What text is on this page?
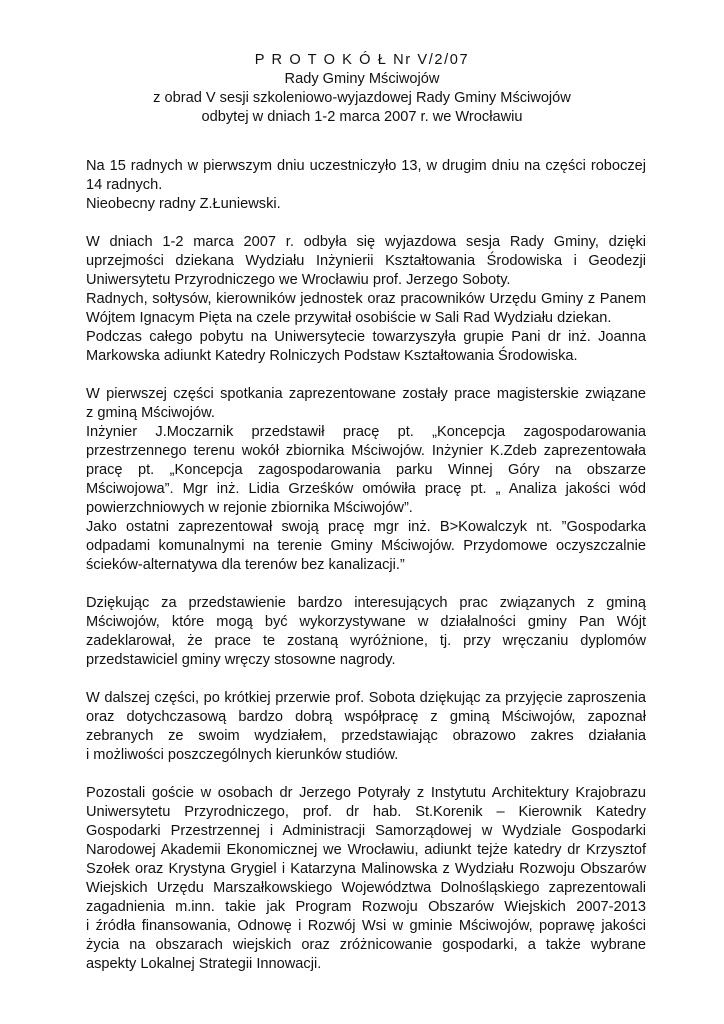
P R O T O K Ó Ł Nr V/2/07
Rady Gminy Mściwojów
z obrad V sesji szkoleniowo-wyjazdowej Rady Gminy Mściwojów
odbytej w dniach 1-2 marca 2007 r. we Wrocławiu
Na 15 radnych w pierwszym dniu uczestniczyło 13, w drugim dniu na części roboczej
14 radnych.
Nieobecny radny Z.Łuniewski.
W dniach 1-2 marca 2007 r. odbyła się wyjazdowa sesja Rady Gminy, dzięki
uprzejmości dziekana Wydziału Inżynierii Kształtowania Środowiska i Geodezji
Uniwersytetu Przyrodniczego we Wrocławiu prof. Jerzego Soboty.
Radnych, sołtysów, kierowników jednostek oraz pracowników Urzędu Gminy z Panem
Wójtem Ignacym Pięta na czele przywitał osobiście w Sali Rad Wydziału dziekan.
Podczas całego pobytu na Uniwersytecie towarzyszyła grupie Pani dr inż. Joanna
Markowska adiunkt Katedry Rolniczych Podstaw Kształtowania Środowiska.
W pierwszej części spotkania zaprezentowane zostały prace magisterskie związane
z gminą Mściwojów.
Inżynier J.Moczarnik przedstawił pracę pt. „Koncepcja zagospodarowania
przestrzennego terenu wokół zbiornika Mściwojów. Inżynier K.Zdeb zaprezentowała
pracę pt. „Koncepcja zagospodarowania parku Winnej Góry na obszarze
Mściwojowa”. Mgr inż. Lidia Grześków omówiła pracę pt. „ Analiza jakości wód
powierzchniowych w rejonie zbiornika Mściwojów”.
Jako ostatni zaprezentował swoją pracę mgr inż. B>Kowalczyk nt. ”Gospodarka
odpadami komunalnymi na terenie Gminy Mściwojów. Przydomowe oczyszczalnie
ścieków-alternatywa dla terenów bez kanalizacji.”
Dziękując za przedstawienie bardzo interesujących prac związanych z gminą
Mściwojów, które mogą być wykorzystywane w działalności gminy Pan Wójt
zadeklarował, że prace te zostaną wyróżnione, tj. przy wręczaniu dyplomów
przedstawiciel gminy wręczy stosowne nagrody.
W dalszej części, po krótkiej przerwie prof. Sobota dziękując za przyjęcie zaproszenia
oraz dotychczasową bardzo dobrą współpracę z gminą Mściwojów, zapoznał
zebranych ze swoim wydziałem, przedstawiając obrazowo zakres działania
i możliwości poszczególnych kierunków studiów.
Pozostali goście w osobach dr Jerzego Potyrały z Instytutu Architektury Krajobrazu
Uniwersytetu Przyrodniczego, prof. dr hab. St.Korenik – Kierownik Katedry
Gospodarki Przestrzennej i Administracji Samorządowej w Wydziale Gospodarki
Narodowej Akademii Ekonomicznej we Wrocławiu, adiunkt tejże katedry dr Krzysztof
Szołek oraz Krystyna Grygiel i Katarzyna Malinowska z Wydziału Rozwoju Obszarów
Wiejskich Urzędu Marszałkowskiego Województwa Dolnośląskiego zaprezentowali
zagadnienia m.inn. takie jak Program Rozwoju Obszarów Wiejskich 2007-2013
i źródła finansowania, Odnowę i Rozwój Wsi w gminie Mściwojów, poprawę jakości
życia na obszarach wiejskich oraz zróżnicowanie gospodarki, a także wybrane
aspekty Lokalnej Strategii Innowacji.
